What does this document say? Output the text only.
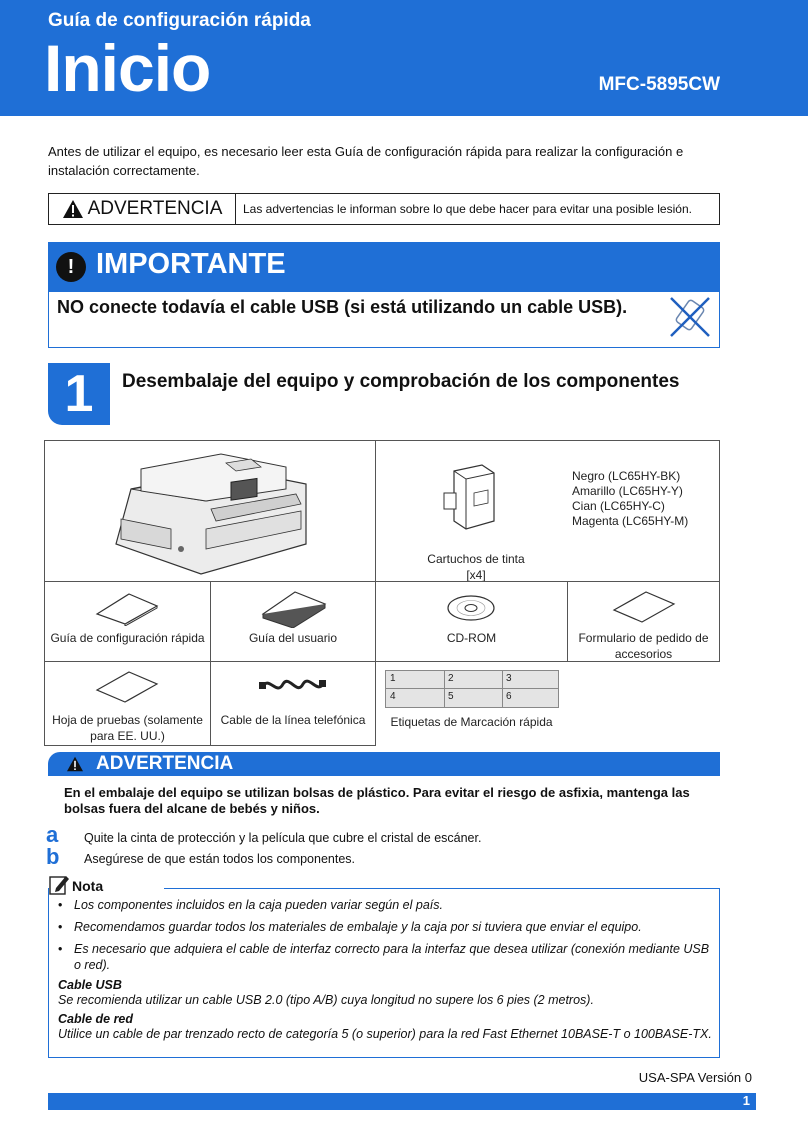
Guía de configuración rápida
Inicio	MFC-5895CW
Antes de utilizar el equipo, es necesario leer esta Guía de configuración rápida para realizar la configuración e instalación correctamente.
ADVERTENCIA Las advertencias le informan sobre lo que debe hacer para evitar una posible lesión.
! IMPORTANTE
NO conecte todavía el cable USB (si está utilizando un cable USB).
1	Desembalaje del equipo y comprobación de los componentes
Negro (LC65HY-BK)
Amarillo (LC65HY-Y)
Cian (LC65HY-C)
Magenta (LC65HY-M)
Cartuchos de tinta
[x4]
Guía de configuración rápida	Guía del usuario	CD-ROM	Formulario de pedido de accesorios
Hoja de pruebas (solamente para EE. UU.)
Cable de la línea telefónica
1	2	3
4	5	6
Etiquetas de Marcación rápida
ADVERTENCIA
En el embalaje del equipo se utilizan bolsas de plástico. Para evitar el riesgo de asfixia, mantenga las bolsas fuera del alcane de bebés y niños.
a Quite la cinta de protección y la película que cubre el cristal de escáner.
b Asegúrese de que están todos los componentes.
Nota
• Los componentes incluidos en la caja pueden variar según el país.
• Recomendamos guardar todos los materiales de embalaje y la caja por si tuviera que enviar el equipo.
• Es necesario que adquiera el cable de interfaz correcto para la interfaz que desea utilizar (conexión mediante USB o red).
Cable USB
Se recomienda utilizar un cable USB 2.0 (tipo A/B) cuya longitud no supere los 6 pies (2 metros).
Cable de red
Utilice un cable de par trenzado recto de categoría 5 (o superior) para la red Fast Ethernet 10BASE-T o 100BASE-TX.
USA-SPA Versión 0
1
